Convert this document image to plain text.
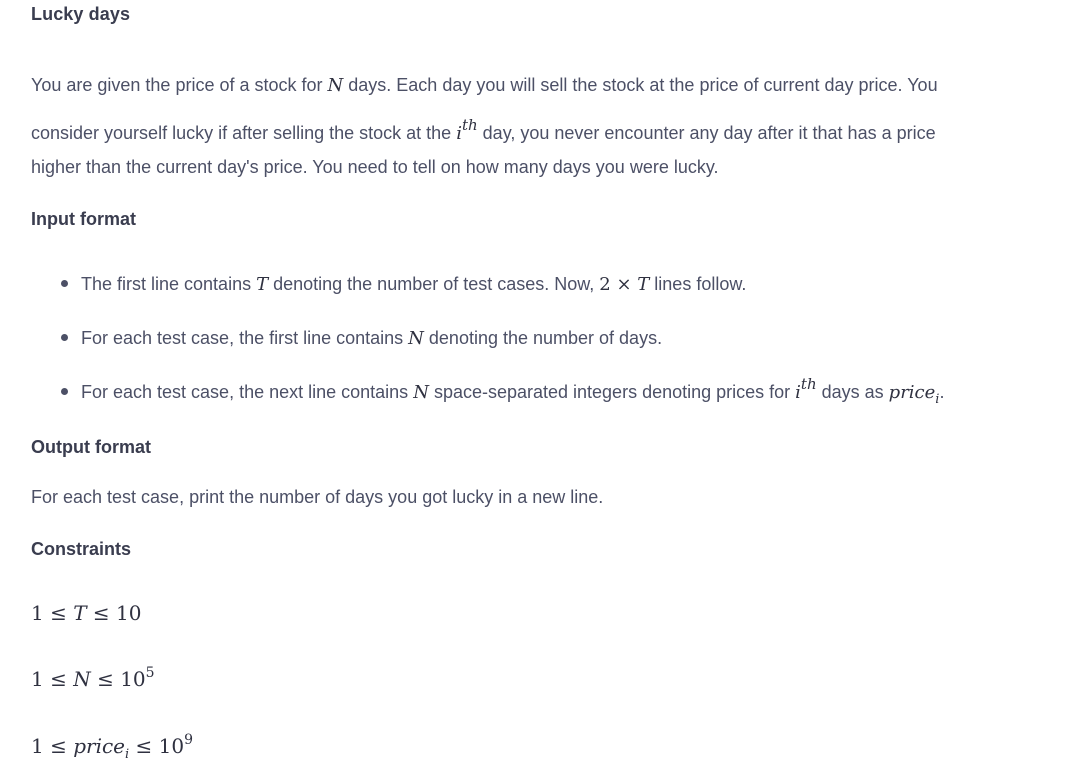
Lucky days
You are given the price of a stock for N days. Each day you will sell the stock at the price of current day price. You
consider yourself lucky if after selling the stock at the $i^{th}$ day, you never encounter any day after it that has a price
higher than the current day's price. You need to tell on how many days you were lucky.
Input format
The first line contains T denoting the number of test cases. Now, 2 × T lines follow.
For each test case, the first line contains N denoting the number of days.
For each test case, the next line contains N space-separated integers denoting prices for $i^{th}$ days as price$_i$.
Output format
For each test case, print the number of days you got lucky in a new line.
Constraints
1 ≤ T ≤ 10
$1 \le N \le 10^5$
1 ≤ price$_i$ ≤ $10^9$
